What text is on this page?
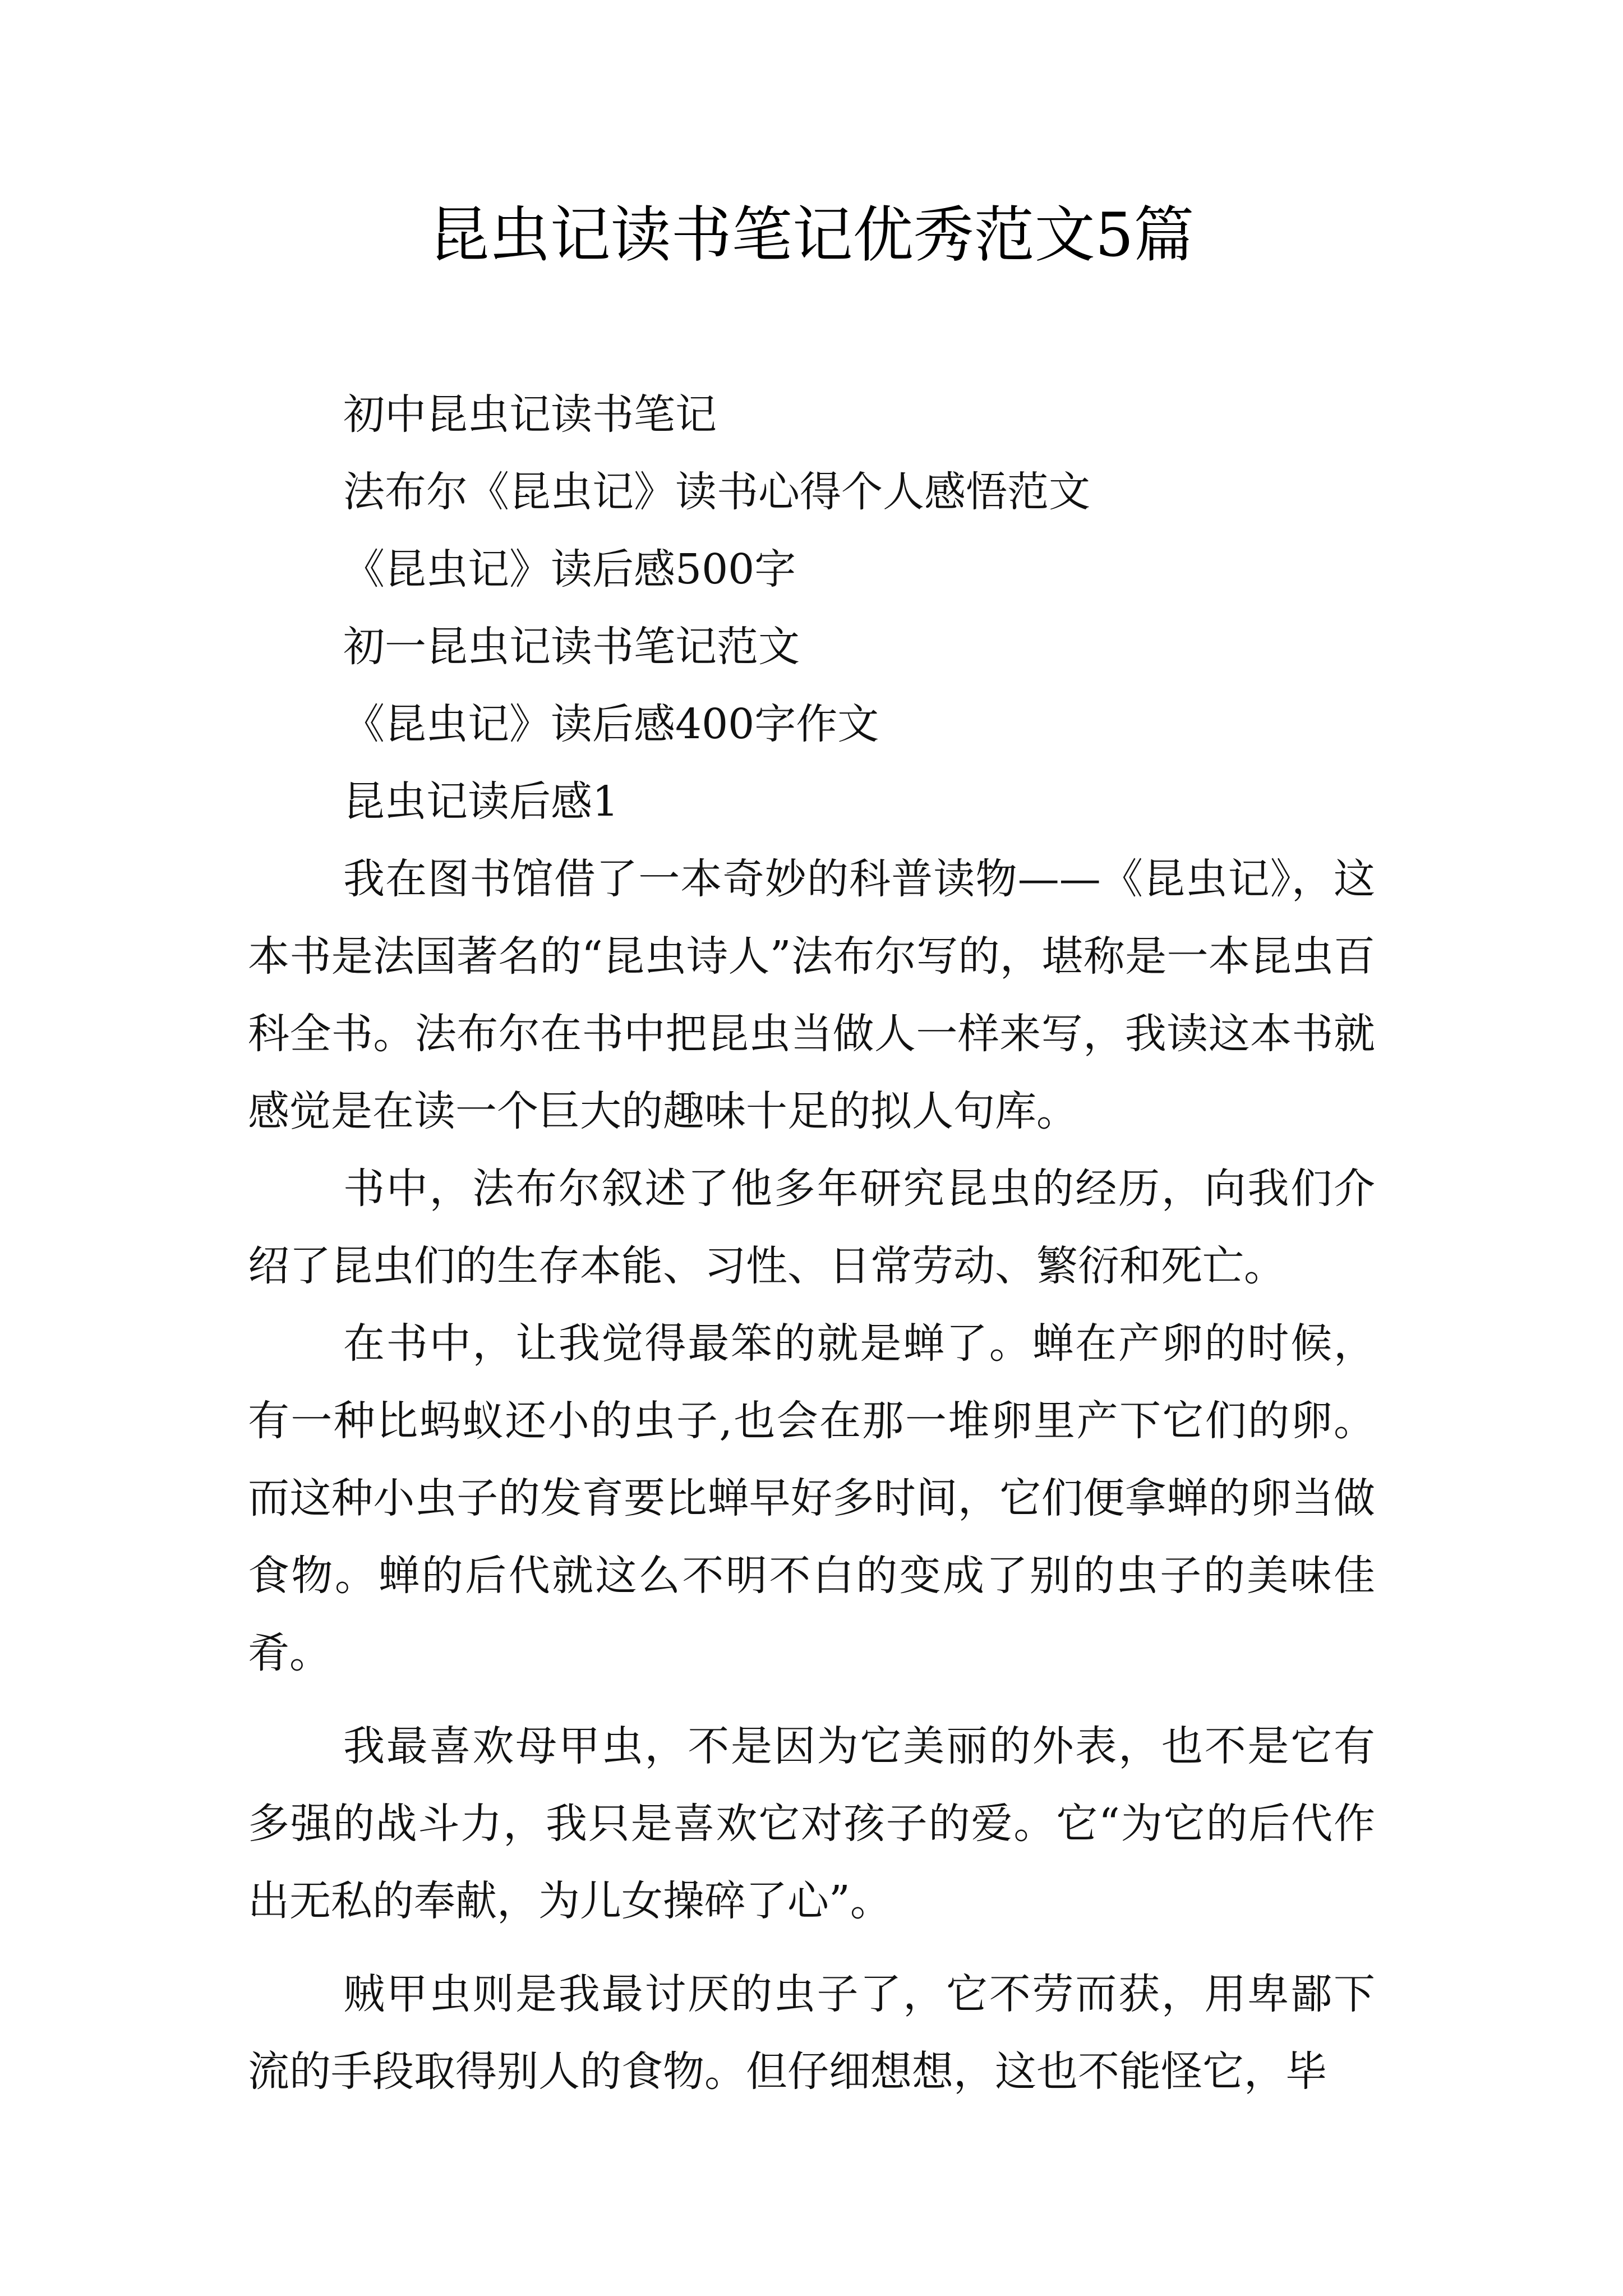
昆虫记读书笔记优秀范文5篇

初中昆虫记读书笔记

法布尔《昆虫记》读书心得个人感悟范文

《昆虫记》读后感500字

初一昆虫记读书笔记范文

《昆虫记》读后感400字作文

昆虫记读后感1

我在图书馆借了一本奇妙的科普读物——《昆虫记》，这本书是法国著名的“昆虫诗人”法布尔写的，堪称是一本昆虫百科全书。法布尔在书中把昆虫当做人一样来写，我读这本书就感觉是在读一个巨大的趣味十足的拟人句库。

书中，法布尔叙述了他多年研究昆虫的经历，向我们介绍了昆虫们的生存本能、习性、日常劳动、繁衍和死亡。

在书中，让我觉得最笨的就是蝉了。蝉在产卵的时候，有一种比蚂蚁还小的虫子,也会在那一堆卵里产下它们的卵。而这种小虫子的发育要比蝉早好多时间，它们便拿蝉的卵当做食物。蝉的后代就这么不明不白的变成了别的虫子的美味佳肴。

我最喜欢母甲虫，不是因为它美丽的外表，也不是它有多强的战斗力，我只是喜欢它对孩子的爱。它“为它的后代作出无私的奉献，为儿女操碎了心”。

贼甲虫则是我最讨厌的虫子了，它不劳而获，用卑鄙下流的手段取得别人的食物。但仔细想想，这也不能怪它，毕
